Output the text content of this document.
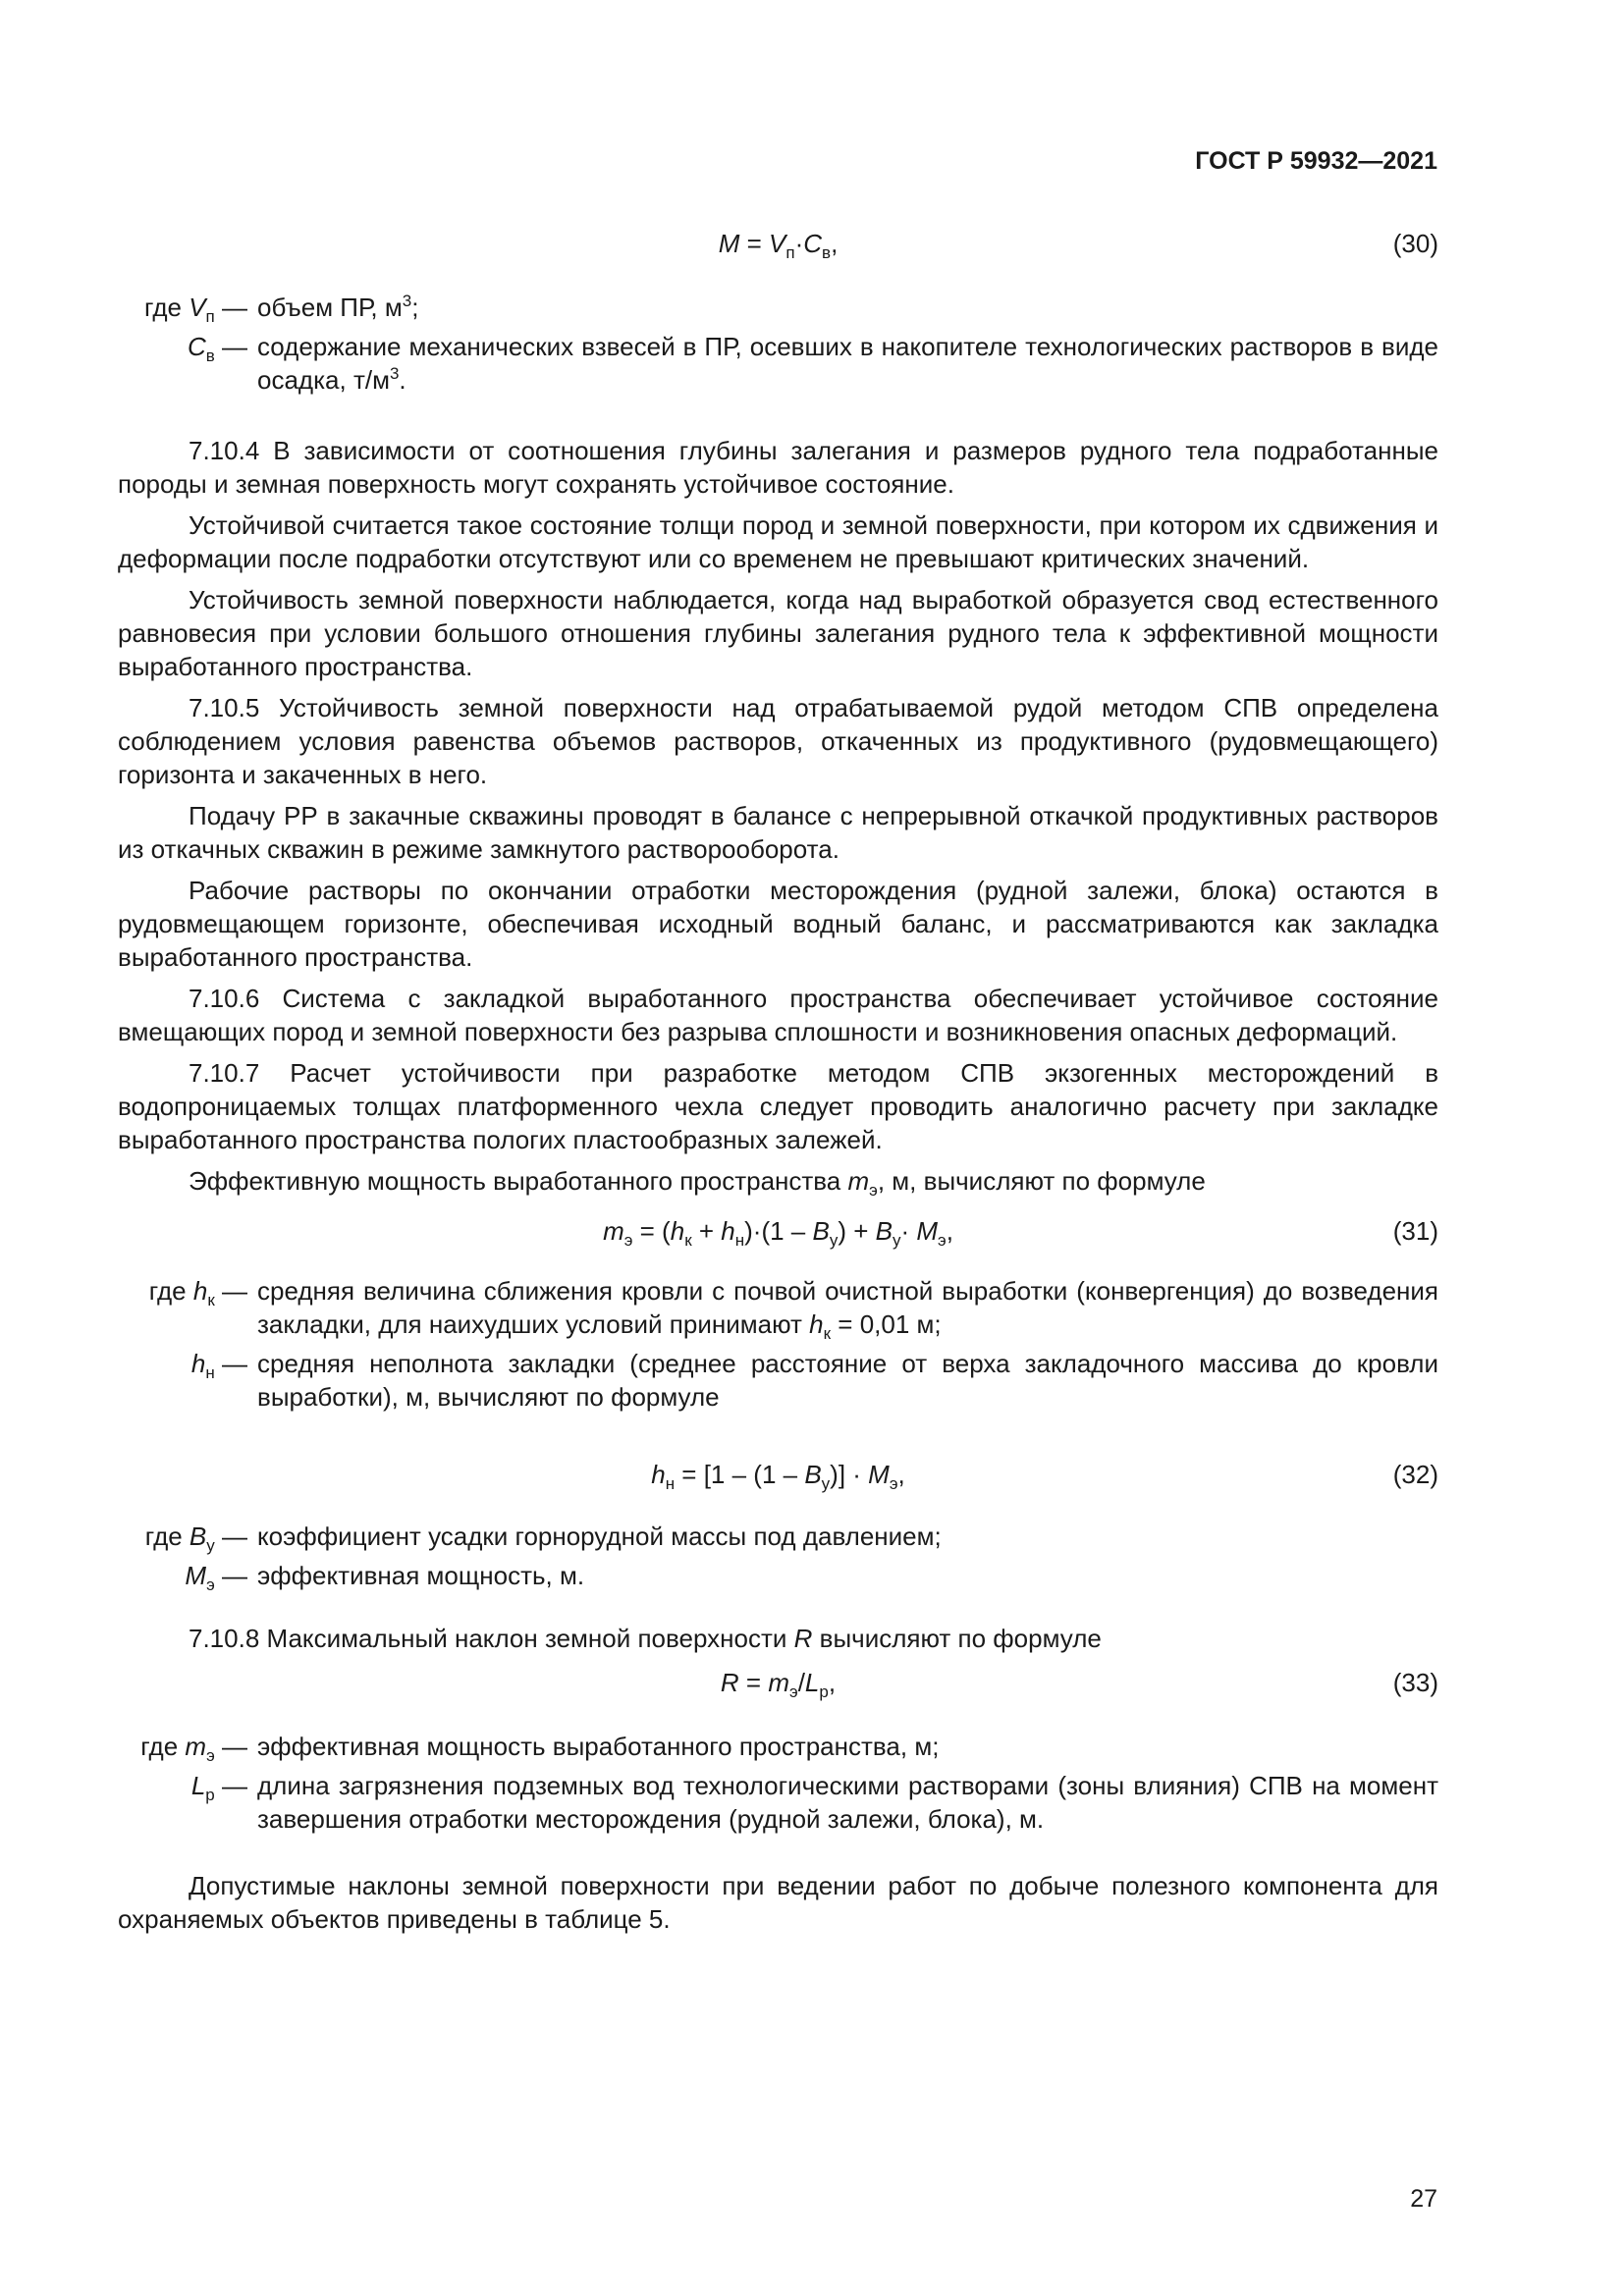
ГОСТ Р 59932—2021
$M = V_п\cdot C_в$,	(30)
где $V_п$ — объем ПР, $м^3$;
$C_в$ — содержание механических взвесей в ПР, осевших в накопителе технологических растворов в виде осадка, $т/м^3$.

7.10.4 В зависимости от соотношения глубины залегания и размеров рудного тела подработанные породы и земная поверхность могут сохранять устойчивое состояние.

Устойчивой считается такое состояние толщи пород и земной поверхности, при котором их сдвижения и деформации после подработки отсутствуют или со временем не превышают критических значений.

Устойчивость земной поверхности наблюдается, когда над выработкой образуется свод естественного равновесия при условии большого отношения глубины залегания рудного тела к эффективной мощности выработанного пространства.

7.10.5 Устойчивость земной поверхности над отрабатываемой рудой методом СПВ определена соблюдением условия равенства объемов растворов, откаченных из продуктивного (рудовмещающего) горизонта и закаченных в него.

Подачу РР в закачные скважины проводят в балансе с непрерывной откачкой продуктивных растворов из откачных скважин в режиме замкнутого растворооборота.

Рабочие растворы по окончании отработки месторождения (рудной залежи, блока) остаются в рудовмещающем горизонте, обеспечивая исходный водный баланс, и рассматриваются как закладка выработанного пространства.

7.10.6 Система с закладкой выработанного пространства обеспечивает устойчивое состояние вмещающих пород и земной поверхности без разрыва сплошности и возникновения опасных деформаций.

7.10.7 Расчет устойчивости при разработке методом СПВ экзогенных месторождений в водопроницаемых толщах платформенного чехла следует проводить аналогично расчету при закладке выработанного пространства пологих пластообразных залежей.

Эффективную мощность выработанного пространства $m_э$, м, вычисляют по формуле

$m_э = (h_к + h_н)\cdot(1 - B_у) + B_у\cdot M_э$,	(31)
где $h_к$ — средняя величина сближения кровли с почвой очистной выработки (конвергенция) до возведения закладки, для наихудших условий принимают $h_к = 0,01$ м;
$h_н$ — средняя неполнота закладки (среднее расстояние от верха закладочного массива до кровли выработки), м, вычисляют по формуле
$h_н = [1 - (1 - B_у)] \cdot M_э$,	(32)
где $B_у$ — коэффициент усадки горнорудной массы под давлением;
$M_э$ — эффективная мощность, м.

7.10.8 Максимальный наклон земной поверхности R вычисляют по формуле

$R = m_э/L_р$,	(33)
где $m_э$ — эффективная мощность выработанного пространства, м;
$L_р$ — длина загрязнения подземных вод технологическими растворами (зоны влияния) СПВ на момент завершения отработки месторождения (рудной залежи, блока), м.

Допустимые наклоны земной поверхности при ведении работ по добыче полезного компонента для охраняемых объектов приведены в таблице 5.

27
